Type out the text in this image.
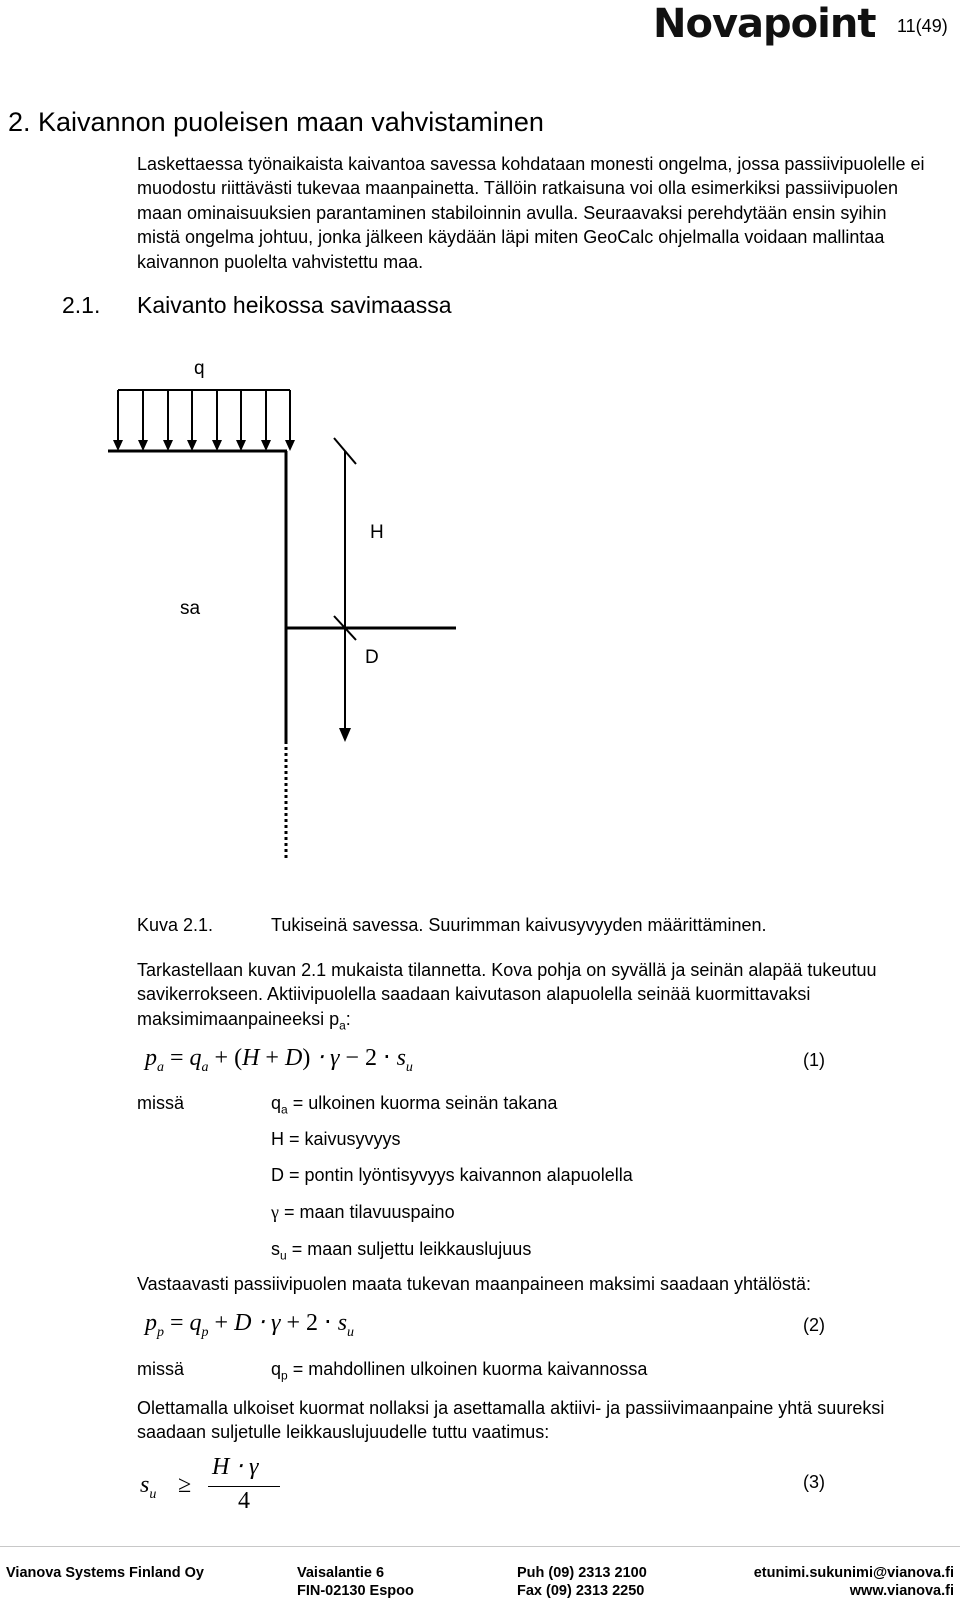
Novapoint 11(49)
2. Kaivannon puoleisen maan vahvistaminen
Laskettaessa työnaikaista kaivantoa savessa kohdataan monesti ongelma, jossa passiivipuolelle ei muodostu riittävästi tukevaa maanpainetta. Tällöin ratkaisuna voi olla esimerkiksi passiivipuolen maan ominaisuuksien parantaminen stabiloinnin avulla. Seuraavaksi perehdytään ensin syihin mistä ongelma johtuu, jonka jälkeen käydään läpi miten GeoCalc ohjelmalla voidaan mallintaa kaivannon puolelta vahvistettu maa.
2.1. Kaivanto heikossa savimaassa
q
H
sa
D
Kuva 2.1.	Tukiseinä savessa. Suurimman kaivusyvyyden määrittäminen.
Tarkastellaan kuvan 2.1 mukaista tilannetta. Kova pohja on syvällä ja seinän alapää tukeutuu savikerrokseen. Aktiivipuolella saadaan kaivutason alapuolella seinää kuormittavaksi maksimimaanpaineeksi $p_a$:
$p_a = q_a + (H + D) \cdot \gamma - 2 \cdot s_u$	(1)
missä	$q_a$ = ulkoinen kuorma seinän takana
H = kaivusyvyys
D = pontin lyöntisyvyys kaivannon alapuolella
γ = maan tilavuuspaino
$s_u$ = maan suljettu leikkauslujuus
Vastaavasti passiivipuolen maata tukevan maanpaineen maksimi saadaan yhtälöstä:
$p_p = q_p + D \cdot \gamma + 2 \cdot s_u$	(2)
missä	$q_p$ = mahdollinen ulkoinen kuorma kaivannossa
Olettamalla ulkoiset kuormat nollaksi ja asettamalla aktiivi- ja passiivimaanpaine yhtä suureksi saadaan suljetulle leikkauslujuudelle tuttu vaatimus:
$s_u$ ≥
H ⋅ γ
4
(3)
Vianova Systems Finland Oy	Vaisalantie 6
FIN-02130 Espoo
Puh (09) 2313 2100
Fax (09) 2313 2250
etunimi.sukunimi@vianova.fi
www.vianova.fi
